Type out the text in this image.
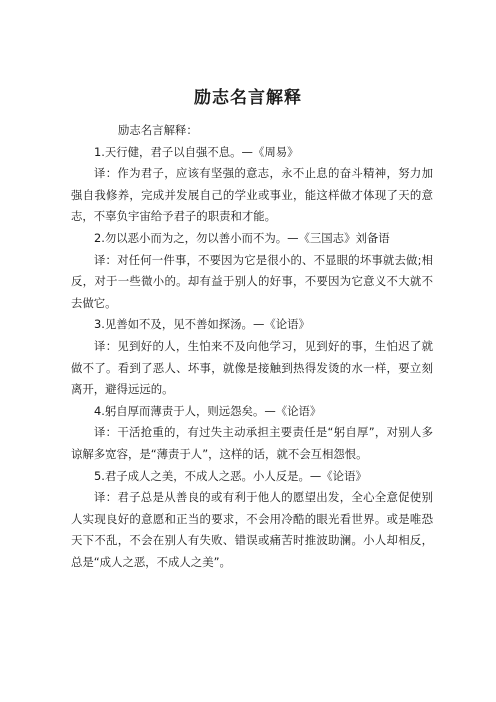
励志名言解释

励志名言解释：

1.天行健，君子以自强不息。—《周易》

译：作为君子，应该有坚强的意志，永不止息的奋斗精神，努力加强自我修养，完成并发展自己的学业或事业，能这样做才体现了天的意志，不辜负宇宙给予君子的职责和才能。

2.勿以恶小而为之，勿以善小而不为。—《三国志》刘备语

译：对任何一件事，不要因为它是很小的、不显眼的坏事就去做;相反，对于一些微小的。却有益于别人的好事，不要因为它意义不大就不去做它。

3.见善如不及，见不善如探汤。—《论语》

译：见到好的人，生怕来不及向他学习，见到好的事，生怕迟了就做不了。看到了恶人、坏事，就像是接触到热得发烫的水一样，要立刻离开，避得远远的。

4.躬自厚而薄责于人，则远怨矣。—《论语》

译：干活抢重的，有过失主动承担主要责任是“躬自厚”，对别人多谅解多宽容，是“薄责于人”，这样的话，就不会互相怨恨。

5.君子成人之美，不成人之恶。小人反是。—《论语》

译：君子总是从善良的或有利于他人的愿望出发，全心全意促使别人实现良好的意愿和正当的要求，不会用冷酷的眼光看世界。或是唯恐天下不乱，不会在别人有失败、错误或痛苦时推波助澜。小人却相反，总是“成人之恶，不成人之美”。
